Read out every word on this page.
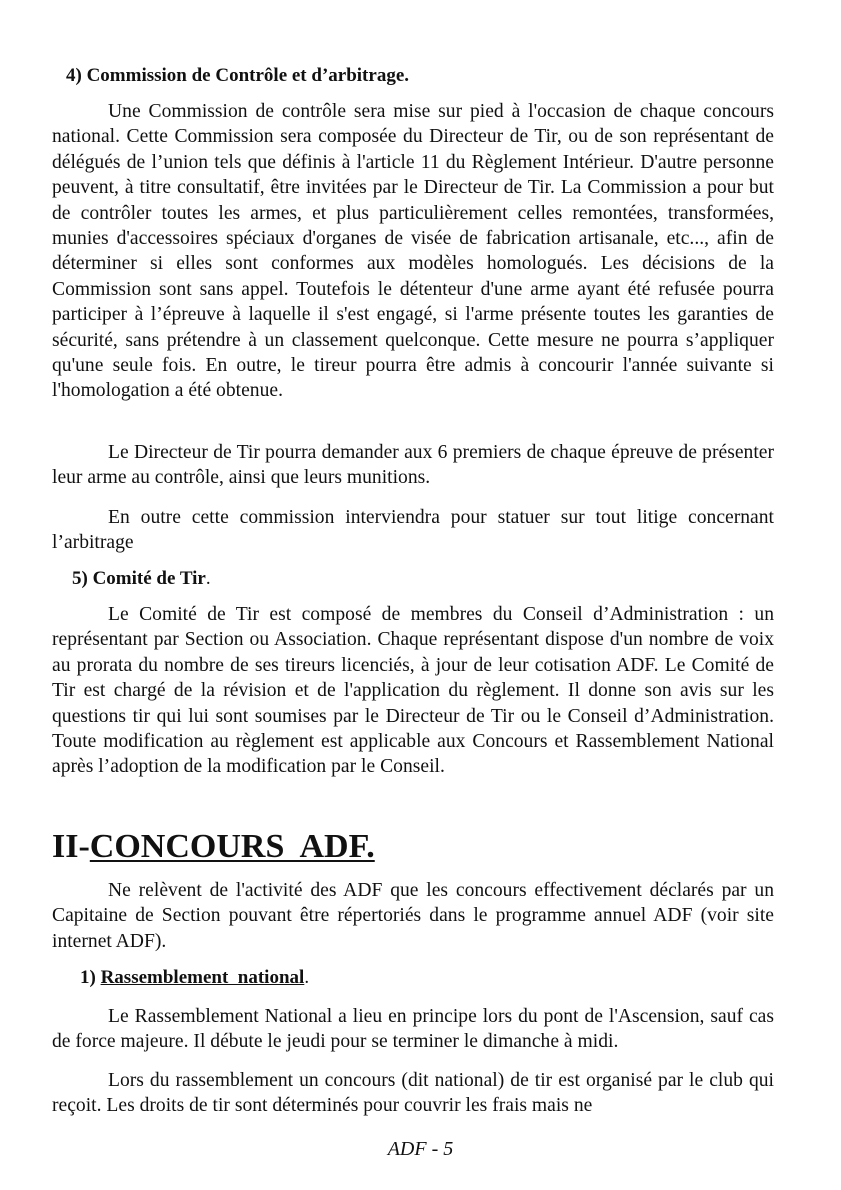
4) Commission de Contrôle et d’arbitrage.

Une Commission de contrôle sera mise sur pied à l'occasion de chaque concours national. Cette Commission sera composée du Directeur de Tir, ou de son représentant de délégués de l’union tels que définis à l'article 11 du Règlement Intérieur. D'autre personne peuvent, à titre consultatif, être invitées par le Directeur de Tir. La Commission a pour but de contrôler toutes les armes, et plus particulièrement celles remontées, transformées, munies d'accessoires spéciaux d'organes de visée de fabrication artisanale, etc..., afin de déterminer si elles sont conformes aux modèles homologués. Les décisions de la Commission sont sans appel. Toutefois le détenteur d'une arme ayant été refusée pourra participer à l’épreuve à laquelle il s'est engagé, si l'arme présente toutes les garanties de sécurité, sans prétendre à un classement quelconque. Cette mesure ne pourra s’appliquer qu'une seule fois. En outre, le tireur pourra être admis à concourir l'année suivante si l'homologation a été obtenue.

Le Directeur de Tir pourra demander aux 6 premiers de chaque épreuve de présenter leur arme au contrôle, ainsi que leurs munitions.

En outre cette commission interviendra pour statuer sur tout litige concernant l’arbitrage

5) Comité de Tir.

Le Comité de Tir est composé de membres du Conseil d’Administration : un représentant par Section ou Association. Chaque représentant dispose d'un nombre de voix au prorata du nombre de ses tireurs licenciés, à jour de leur cotisation ADF. Le Comité de Tir est chargé de la révision et de l'application du règlement. Il donne son avis sur les questions tir qui lui sont soumises par le Directeur de Tir ou le Conseil d’Administration. Toute modification au règlement est applicable aux Concours et Rassemblement National après l’adoption de la modification par le Conseil.

II-CONCOURS  ADF.

Ne relèvent de l'activité des ADF que les concours effectivement déclarés par un Capitaine de Section pouvant être répertoriés dans le programme annuel ADF (voir site internet ADF).

1) Rassemblement  national.

Le Rassemblement National a lieu en principe lors du pont de l'Ascension, sauf cas de force majeure. Il débute le jeudi pour se terminer le dimanche à midi.

Lors du rassemblement un concours (dit national) de tir est organisé par le club qui reçoit. Les droits de tir sont déterminés pour couvrir les frais mais ne

ADF - 5
